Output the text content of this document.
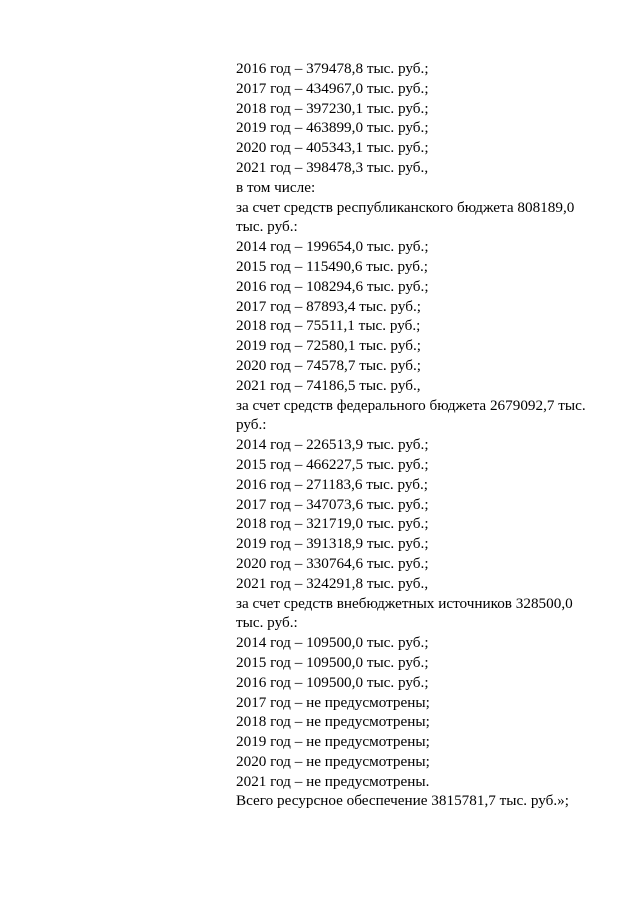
2016 год – 379478,8 тыс. руб.;
2017 год – 434967,0 тыс. руб.;
2018 год – 397230,1 тыс. руб.;
2019 год – 463899,0 тыс. руб.;
2020 год – 405343,1 тыс. руб.;
2021 год – 398478,3 тыс. руб.,
в том числе:
за счет средств республиканского бюджета 808189,0
тыс. руб.:
2014 год – 199654,0 тыс. руб.;
2015 год – 115490,6 тыс. руб.;
2016 год – 108294,6 тыс. руб.;
2017 год – 87893,4 тыс. руб.;
2018 год – 75511,1 тыс. руб.;
2019 год – 72580,1 тыс. руб.;
2020 год – 74578,7 тыс. руб.;
2021 год – 74186,5 тыс. руб.,
за счет средств федерального бюджета 2679092,7 тыс.
руб.:
2014 год – 226513,9 тыс. руб.;
2015 год – 466227,5 тыс. руб.;
2016 год – 271183,6 тыс. руб.;
2017 год – 347073,6 тыс. руб.;
2018 год – 321719,0 тыс. руб.;
2019 год – 391318,9 тыс. руб.;
2020 год – 330764,6 тыс. руб.;
2021 год – 324291,8 тыс. руб.,
за счет средств внебюджетных источников 328500,0
тыс. руб.:
2014 год – 109500,0 тыс. руб.;
2015 год – 109500,0 тыс. руб.;
2016 год – 109500,0 тыс. руб.;
2017 год – не предусмотрены;
2018 год – не предусмотрены;
2019 год – не предусмотрены;
2020 год – не предусмотрены;
2021 год – не предусмотрены.
Всего ресурсное обеспечение 3815781,7 тыс. руб.»;
